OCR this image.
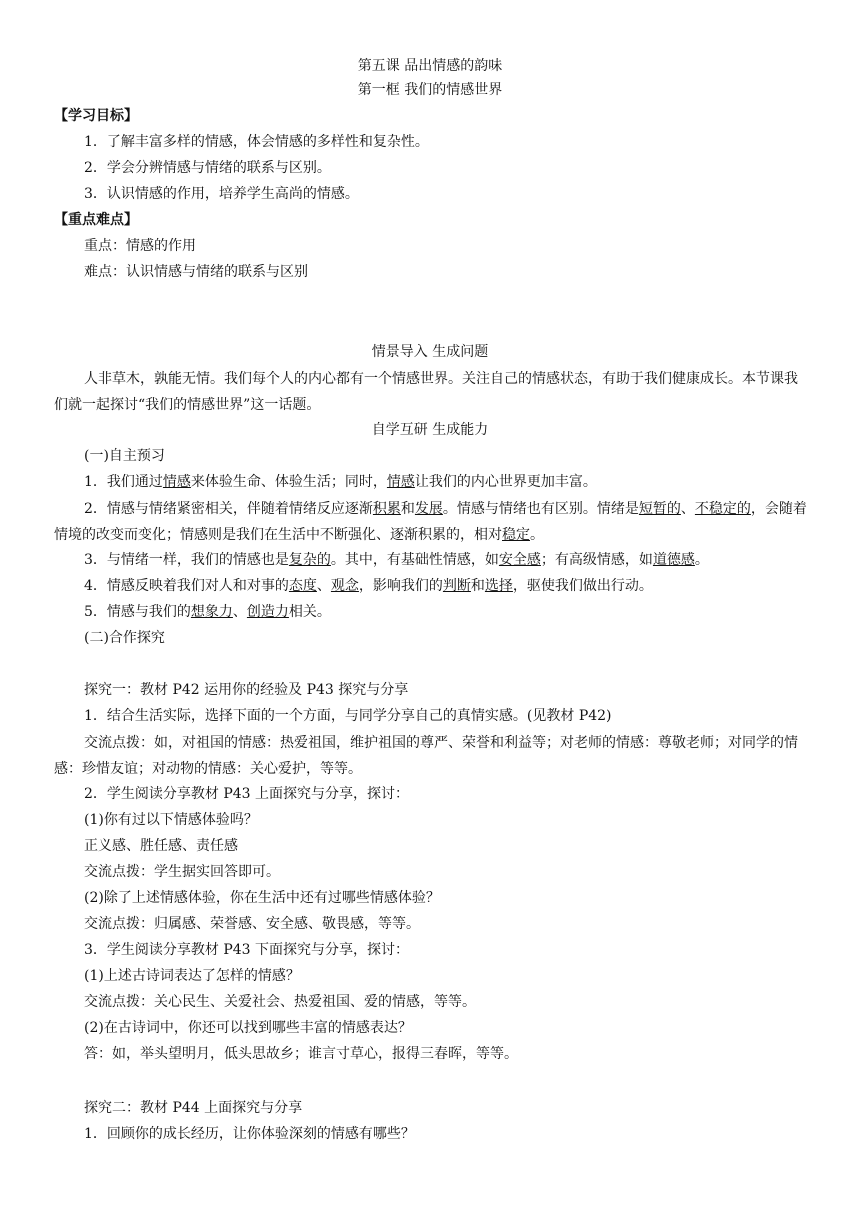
第五课 品出情感的韵味
第一框 我们的情感世界
【学习目标】
1．了解丰富多样的情感，体会情感的多样性和复杂性。
2．学会分辨情感与情绪的联系与区别。
3．认识情感的作用，培养学生高尚的情感。
【重点难点】
重点：情感的作用
难点：认识情感与情绪的联系与区别
情景导入 生成问题
人非草木，孰能无情。我们每个人的内心都有一个情感世界。关注自己的情感状态，有助于我们健康成长。本节课我们就一起探讨“我们的情感世界”这一话题。
自学互研 生成能力
(一)自主预习
1．我们通过情感来体验生命、体验生活；同时，情感让我们的内心世界更加丰富。
2．情感与情绪紧密相关，伴随着情绪反应逐渐积累和发展。情感与情绪也有区别。情绪是短暂的、不稳定的，会随着情境的改变而变化；情感则是我们在生活中不断强化、逐渐积累的，相对稳定。
3．与情绪一样，我们的情感也是复杂的。其中，有基础性情感，如安全感；有高级情感，如道德感。
4．情感反映着我们对人和对事的态度、观念，影响我们的判断和选择，驱使我们做出行动。
5．情感与我们的想象力、创造力相关。
(二)合作探究
探究一：教材 P42 运用你的经验及 P43 探究与分享
1．结合生活实际，选择下面的一个方面，与同学分享自己的真情实感。(见教材 P42)
交流点拨：如，对祖国的情感：热爱祖国，维护祖国的尊严、荣誉和利益等；对老师的情感：尊敬老师；对同学的情感：珍惜友谊；对动物的情感：关心爱护，等等。
2．学生阅读分享教材 P43 上面探究与分享，探讨：
(1)你有过以下情感体验吗？
正义感、胜任感、责任感
交流点拨：学生据实回答即可。
(2)除了上述情感体验，你在生活中还有过哪些情感体验？
交流点拨：归属感、荣誉感、安全感、敬畏感，等等。
3．学生阅读分享教材 P43 下面探究与分享，探讨：
(1)上述古诗词表达了怎样的情感？
交流点拨：关心民生、关爱社会、热爱祖国、爱的情感，等等。
(2)在古诗词中，你还可以找到哪些丰富的情感表达？
答：如，举头望明月，低头思故乡；谁言寸草心，报得三春晖，等等。
探究二：教材 P44 上面探究与分享
1．回顾你的成长经历，让你体验深刻的情感有哪些？
